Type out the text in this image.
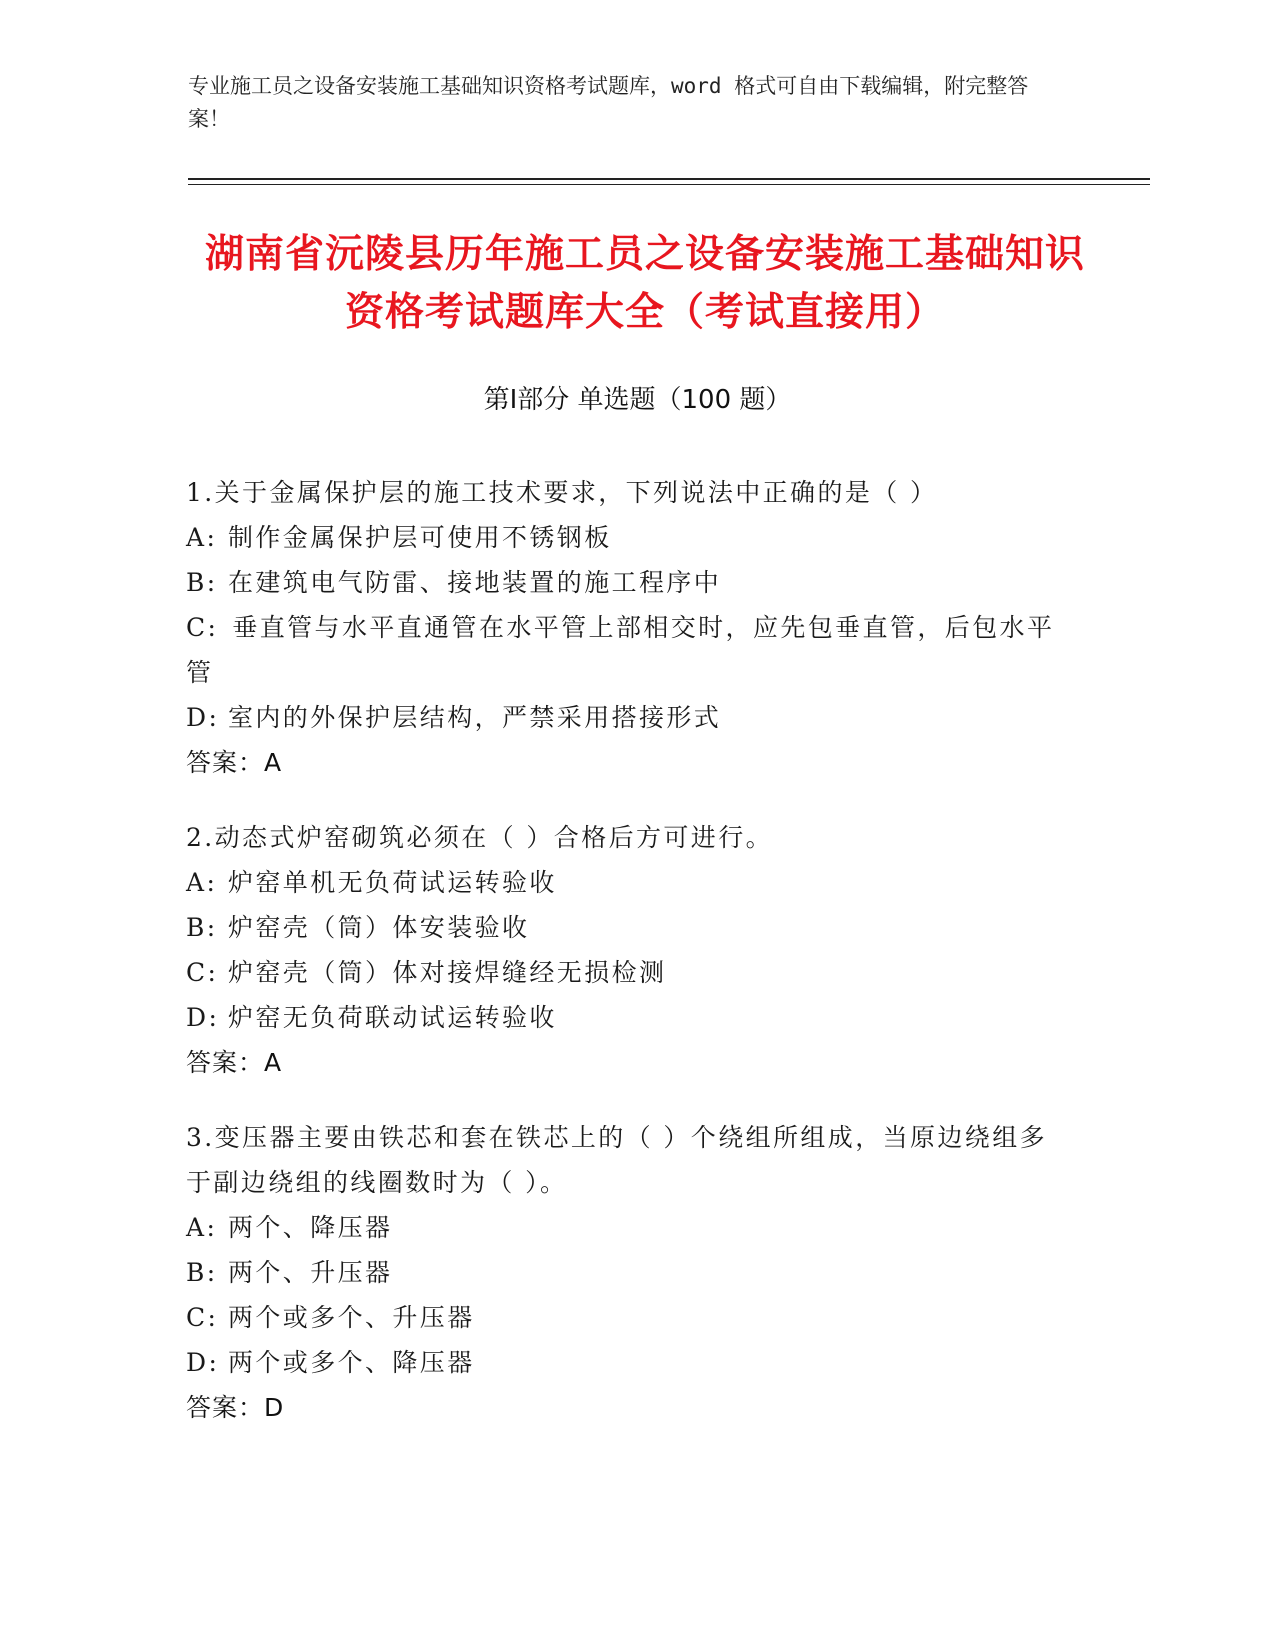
专业施工员之设备安装施工基础知识资格考试题库，word 格式可自由下载编辑，附完整答案！
湖南省沅陵县历年施工员之设备安装施工基础知识资格考试题库大全（考试直接用）
第Ⅰ部分 单选题（100 题）
1.关于金属保护层的施工技术要求，下列说法中正确的是（ ）
A: 制作金属保护层可使用不锈钢板
B: 在建筑电气防雷、接地装置的施工程序中
C: 垂直管与水平直通管在水平管上部相交时，应先包垂直管，后包水平管
D: 室内的外保护层结构，严禁采用搭接形式
答案：A
2.动态式炉窑砌筑必须在（ ）合格后方可进行。
A: 炉窑单机无负荷试运转验收
B: 炉窑壳（筒）体安装验收
C: 炉窑壳（筒）体对接焊缝经无损检测
D: 炉窑无负荷联动试运转验收
答案：A
3.变压器主要由铁芯和套在铁芯上的（ ）个绕组所组成，当原边绕组多于副边绕组的线圈数时为（ ）。
A: 两个、降压器
B: 两个、升压器
C: 两个或多个、升压器
D: 两个或多个、降压器
答案：D
